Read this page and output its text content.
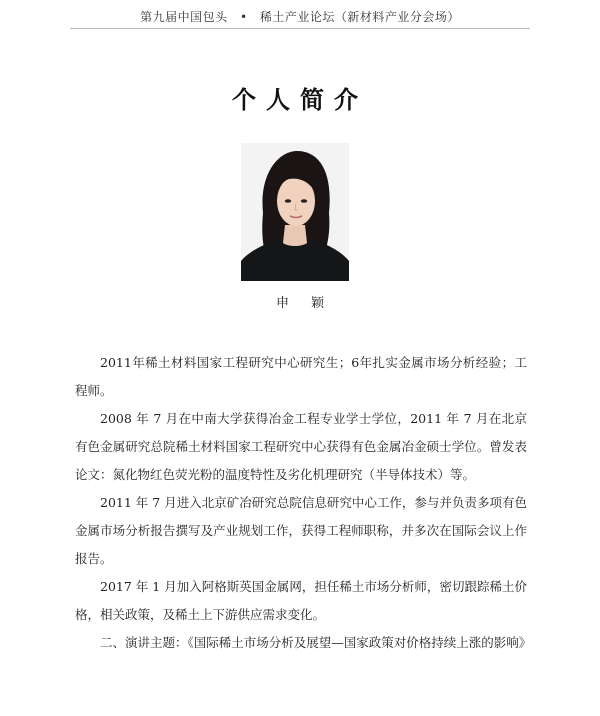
第九届中国包头 • 稀土产业论坛（新材料产业分会场）
个人简介
申颖

2011年稀土材料国家工程研究中心研究生；6年扎实金属市场分析经验；工程师。

2008 年 7 月在中南大学获得冶金工程专业学士学位，2011 年 7 月在北京有色金属研究总院稀土材料国家工程研究中心获得有色金属冶金硕士学位。曾发表论文：氮化物红色荧光粉的温度特性及劣化机理研究（半导体技术）等。

2011 年 7 月进入北京矿冶研究总院信息研究中心工作，参与并负责多项有色金属市场分析报告撰写及产业规划工作，获得工程师职称，并多次在国际会议上作报告。

2017 年 1 月加入阿格斯英国金属网，担任稀土市场分析师，密切跟踪稀土价格，相关政策，及稀土上下游供应需求变化。

二、演讲主题：《国际稀土市场分析及展望—国家政策对价格持续上涨的影响》
